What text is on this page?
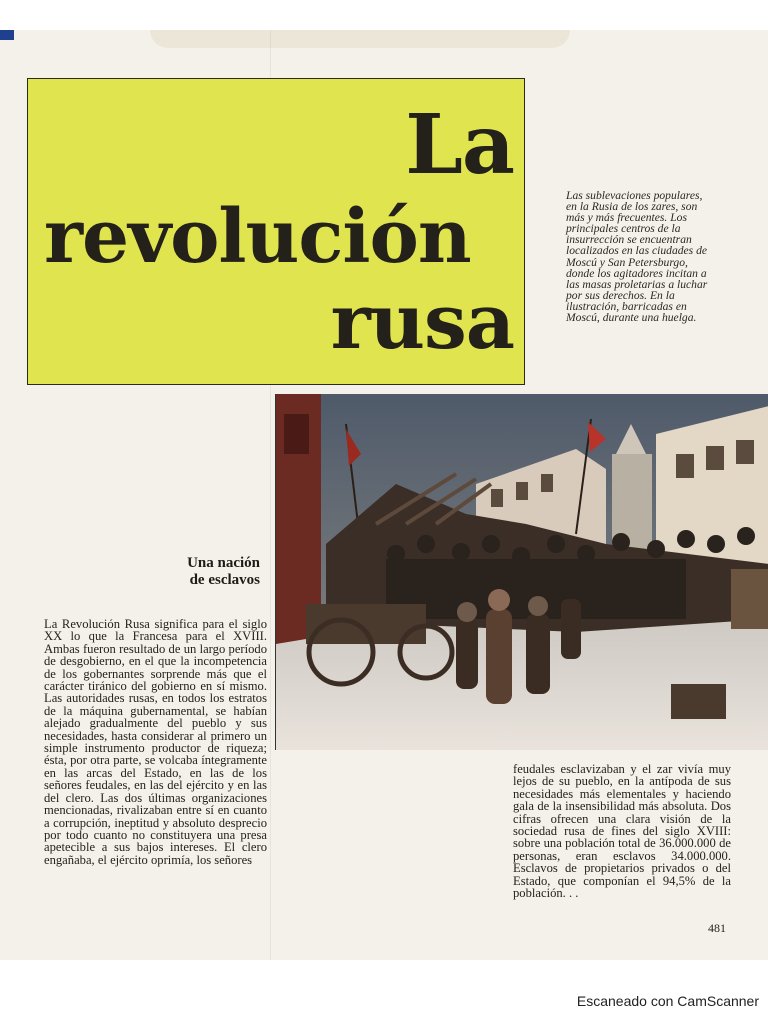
La
revolución
rusa
Las sublevaciones populares, en la Rusia de los zares, son más y más frecuentes. Los principales centros de la insurrección se encuentran localizados en las ciudades de Moscú y San Petersburgo, donde los agitadores incitan a las masas proletarias a luchar por sus derechos. En la ilustración, barricadas en Moscú, durante una huelga.
Una nación
de esclavos
La Revolución Rusa significa para el siglo XX lo que la Francesa para el XVIII. Ambas fueron resultado de un largo período de desgobierno, en el que la incompetencia de los gobernantes sorprende más que el carácter tiránico del gobierno en sí mismo. Las autoridades rusas, en todos los estratos de la máquina gubernamental, se habían alejado gradualmente del pueblo y sus necesidades, hasta considerar al primero un simple instrumento productor de riqueza; ésta, por otra parte, se volcaba íntegramente en las arcas del Estado, en las de los señores feudales, en las del ejército y en las del clero. Las dos últimas organizaciones mencionadas, rivalizaban entre sí en cuanto a corrupción, ineptitud y absoluto desprecio por todo cuanto no constituyera una presa apetecible a sus bajos intereses. El clero engañaba, el ejército oprimía, los señores
feudales esclavizaban y el zar vivía muy lejos de su pueblo, en la antípoda de sus necesidades más elementales y haciendo gala de la insensibilidad más absoluta. Dos cifras ofrecen una clara visión de la sociedad rusa de fines del siglo XVIII: sobre una población total de 36.000.000 de personas, eran esclavos 34.000.000. Esclavos de propietarios privados o del Estado, que componían el 94,5% de la población. . .
481
Escaneado con CamScanner
